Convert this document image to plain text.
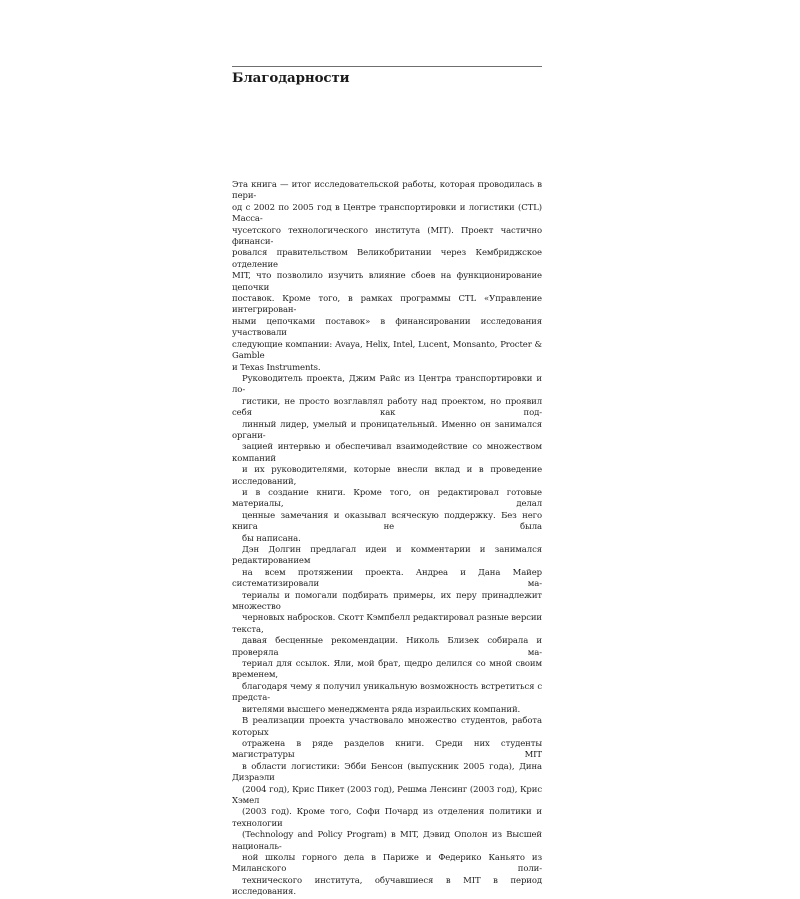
Благодарности

Эта книга — итог исследовательской работы, которая проводилась в пери-
од с 2002 по 2005 год в Центре транспортировки и логистики (CTL) Масса-
чусетского технологического института (MIT). Проект частично финанси-
ровался правительством Великобритании через Кембриджское отделение
MIT, что позволило изучить влияние сбоев на функционирование цепочки
поставок. Кроме того, в рамках программы CTL «Управление интегрирован-
ными цепочками поставок» в финансировании исследования участвовали
следующие компании: Avaya, Helix, Intel, Lucent, Monsanto, Procter & Gamble
и Texas Instruments.

Руководитель проекта, Джим Райс из Центра транспортировки и ло-
гистики, не просто возглавлял работу над проектом, но проявил себя как под-
линный лидер, умелый и проницательный. Именно он занимался органи-
зацией интервью и обеспечивал взаимодействие со множеством компаний
и их руководителями, которые внесли вклад и в проведение исследований,
и в создание книги. Кроме того, он редактировал готовые материалы, делал
ценные замечания и оказывал всяческую поддержку. Без него книга не была
бы написана.

Дэн Долгин предлагал идеи и комментарии и занимался редактированием
на всем протяжении проекта. Андреа и Дана Майер систематизировали ма-
териалы и помогали подбирать примеры, их перу принадлежит множество
черновых набросков. Скотт Кэмпбелл редактировал разные версии текста,
давая бесценные рекомендации. Николь Близек собирала и проверяла ма-
териал для ссылок. Яли, мой брат, щедро делился со мной своим временем,
благодаря чему я получил уникальную возможность встретиться с предста-
вителями высшего менеджмента ряда израильских компаний.

В реализации проекта участвовало множество студентов, работа которых
отражена в ряде разделов книги. Среди них студенты магистратуры MIT
в области логистики: Эбби Бенсон (выпускник 2005 года), Дина Дизраэли
(2004 год), Крис Пикет (2003 год), Решма Ленсинг (2003 год), Крис Хэмел
(2003 год). Кроме того, Софи Почард из отделения политики и технологии
(Technology and Policy Program) в MIT, Дэвид Ополон из Высшей националь-
ной школы горного дела в Париже и Федерико Каньято из Миланского поли-
технического института, обучавшиеся в MIT в период исследования.
